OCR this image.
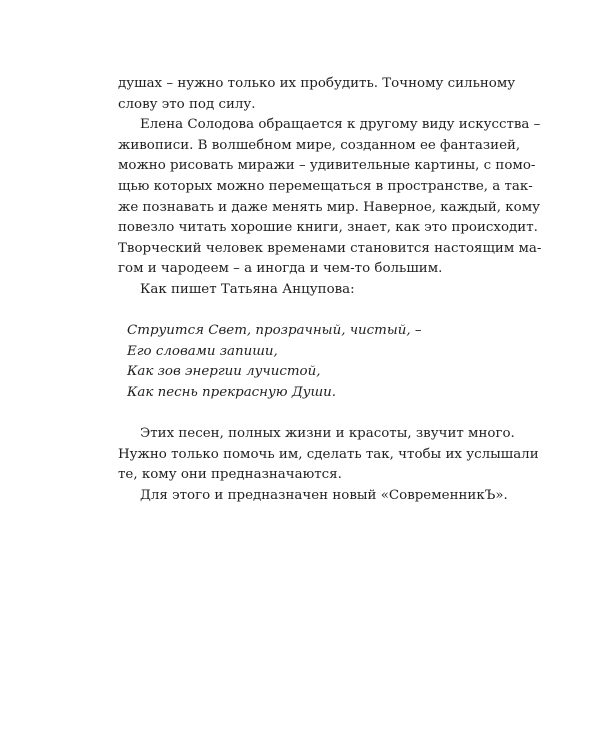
душах – нужно только их пробудить. Точному сильному
слову это под силу.

Елена Солодова обращается к другому виду искусства –
живописи. В волшебном мире, созданном ее фантазией,
можно рисовать миражи – удивительные картины, с помо-
щью которых можно перемещаться в пространстве, а так-
же познавать и даже менять мир. Наверное, каждый, кому
повезло читать хорошие книги, знает, как это происходит.
Творческий человек временами становится настоящим ма-
гом и чародеем – а иногда и чем-то большим.

Как пишет Татьяна Анцупова:

Струится Свет, прозрачный, чистый, –
Его словами запиши,
Как зов энергии лучистой,
Как песнь прекрасную Души.

Этих песен, полных жизни и красоты, звучит много.
Нужно только помочь им, сделать так, чтобы их услышали
те, кому они предназначаются.

Для этого и предназначен новый «СовременникЪ».
